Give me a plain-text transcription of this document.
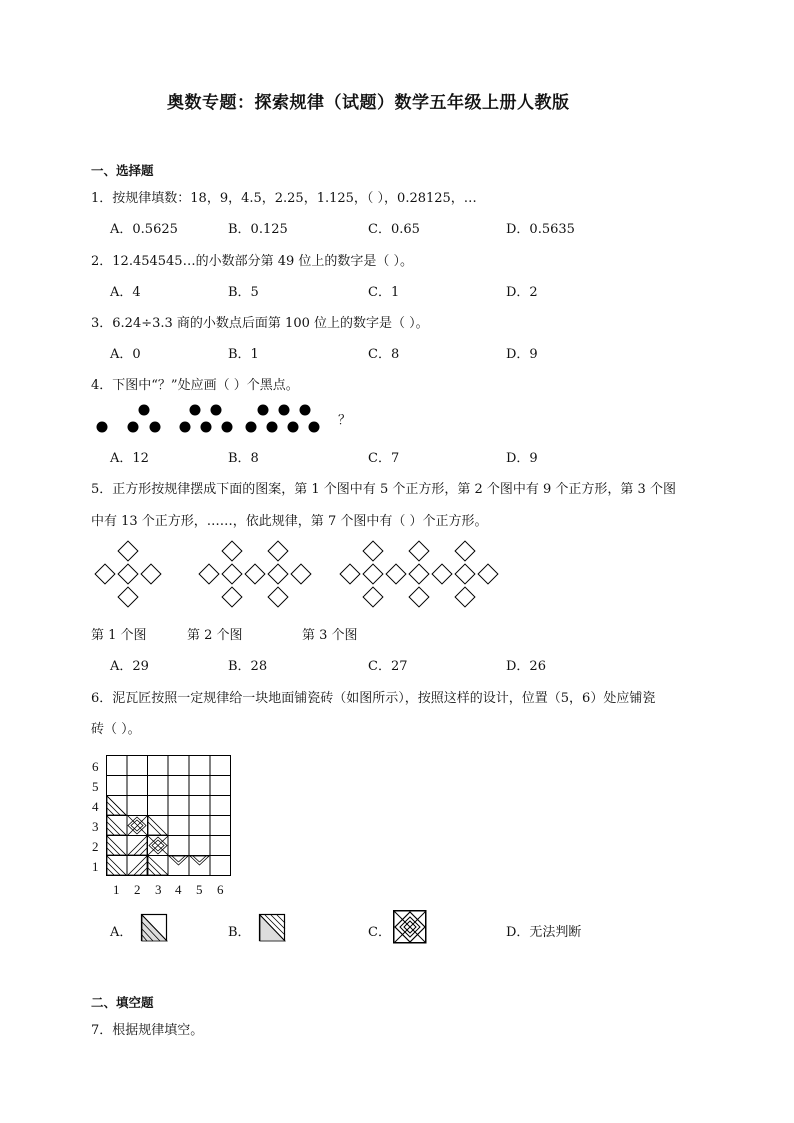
奥数专题：探索规律（试题）数学五年级上册人教版
一、选择题
1．按规律填数：18，9，4.5，2.25，1.125，（ ），0.28125，…
A．0.5625	B．0.125	C．0.65	D．0.5635
2．12.454545…的小数部分第 49 位上的数字是（ ）。
A．4	B．5	C．1	D．2
3．6.24÷3.3 商的小数点后面第 100 位上的数字是（ ）。
A．0	B．1	C．8	D．9
4．下图中“？”处应画（ ）个黑点。
？
A．12	B．8	C．7	D．9
5．正方形按规律摆成下面的图案，第 1 个图中有 5 个正方形，第 2 个图中有 9 个正方形，第 3 个图
中有 13 个正方形，……，依此规律，第 7 个图中有（ ）个正方形。
第 1 个图	第 2 个图	第 3 个图
A．29	B．28	C．27	D．26
6．泥瓦匠按照一定规律给一块地面铺瓷砖（如图所示），按照这样的设计，位置（5，6）处应铺瓷
砖（ ）。
6
5
4
3
2
1
1 2 3 4 5 6
A．	B．	C．	D．无法判断
二、填空题
7．根据规律填空。
